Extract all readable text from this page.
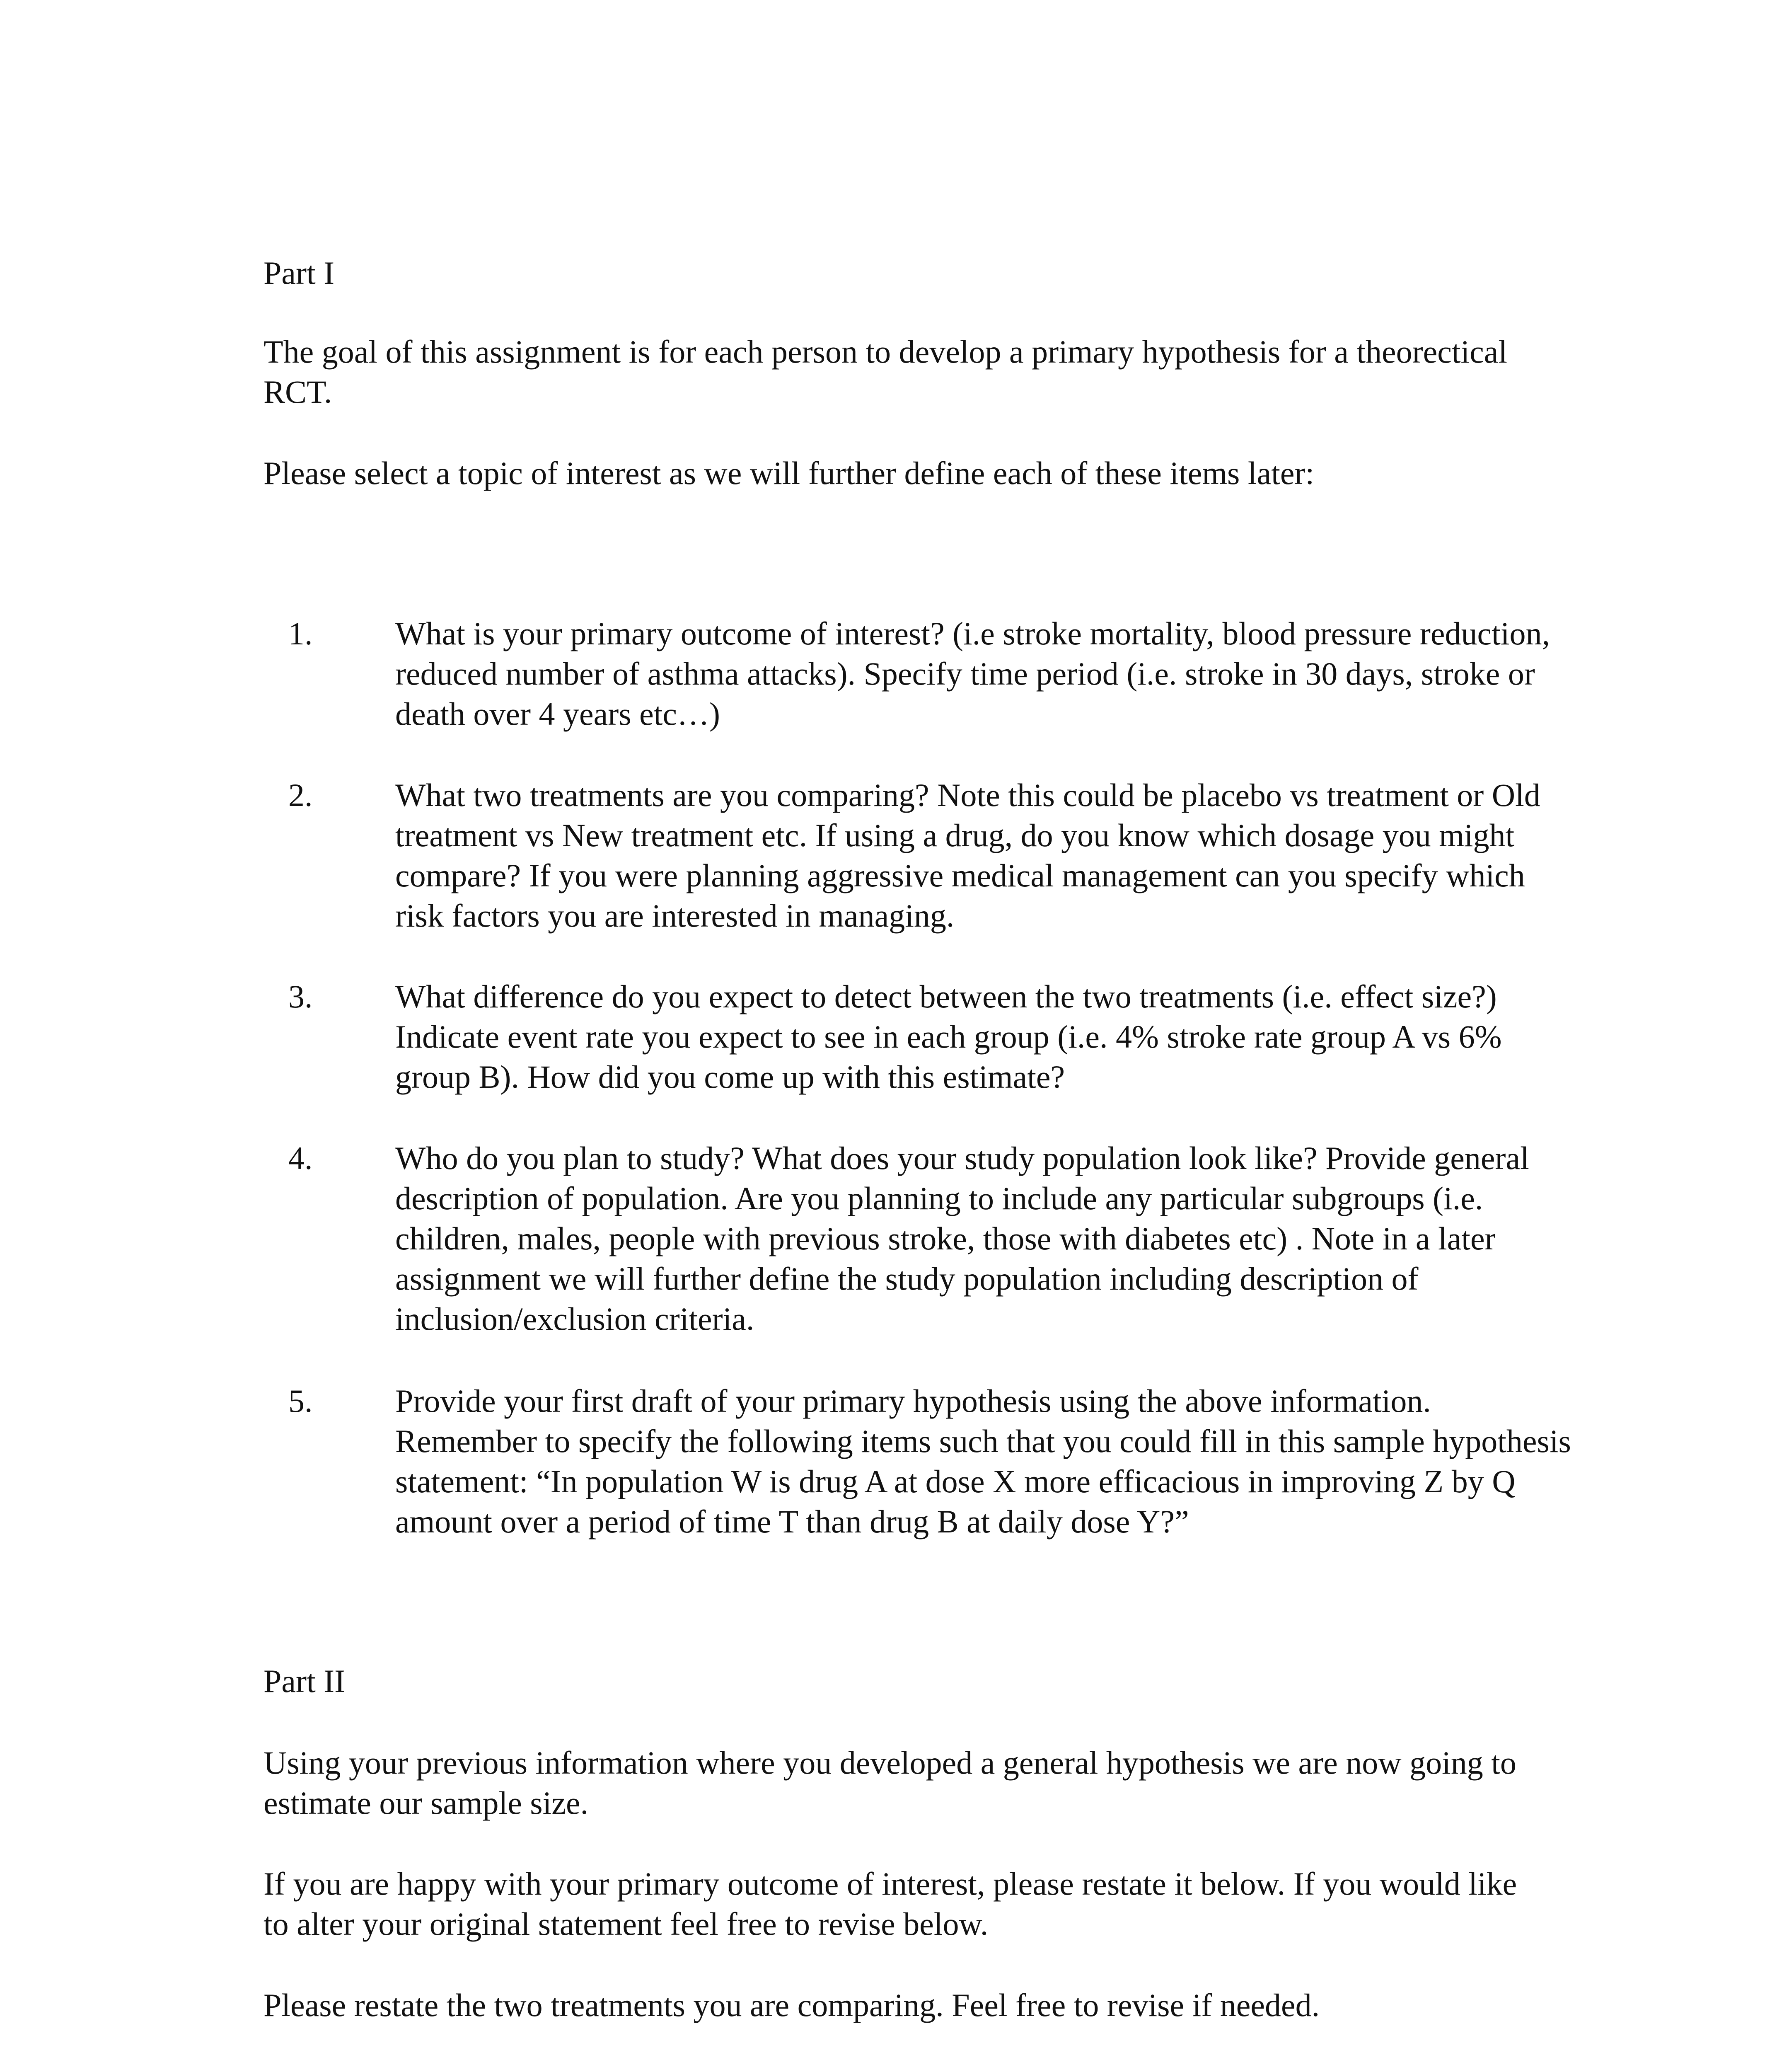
Part I

The goal of this assignment is for each person to develop a primary hypothesis for a theorectical RCT.

Please select a topic of interest as we will further define each of these items later:

1.	What is your primary outcome of interest? (i.e stroke mortality, blood pressure reduction, reduced number of asthma attacks). Specify time period (i.e. stroke in 30 days, stroke or death over 4 years etc…)

2.	What two treatments are you comparing? Note this could be placebo vs treatment or Old treatment vs New treatment etc. If using a drug, do you know which dosage you might compare? If you were planning aggressive medical management can you specify which risk factors you are interested in managing.

3.	What difference do you expect to detect between the two treatments (i.e. effect size?) Indicate event rate you expect to see in each group (i.e. 4% stroke rate group A vs 6% group B). How did you come up with this estimate?

4.	Who do you plan to study? What does your study population look like? Provide general description of population. Are you planning to include any particular subgroups (i.e. children, males, people with previous stroke, those with diabetes etc) . Note in a later assignment we will further define the study population including description of inclusion/exclusion criteria.

5.	Provide your first draft of your primary hypothesis using the above information. Remember to specify the following items such that you could fill in this sample hypothesis statement: “In population W is drug A at dose X more efficacious in improving Z by Q amount over a period of time T than drug B at daily dose Y?”

Part II

Using your previous information where you developed a general hypothesis we are now going to estimate our sample size.

If you are happy with your primary outcome of interest, please restate it below. If you would like to alter your original statement feel free to revise below.

Please restate the two treatments you are comparing. Feel free to revise if needed.
